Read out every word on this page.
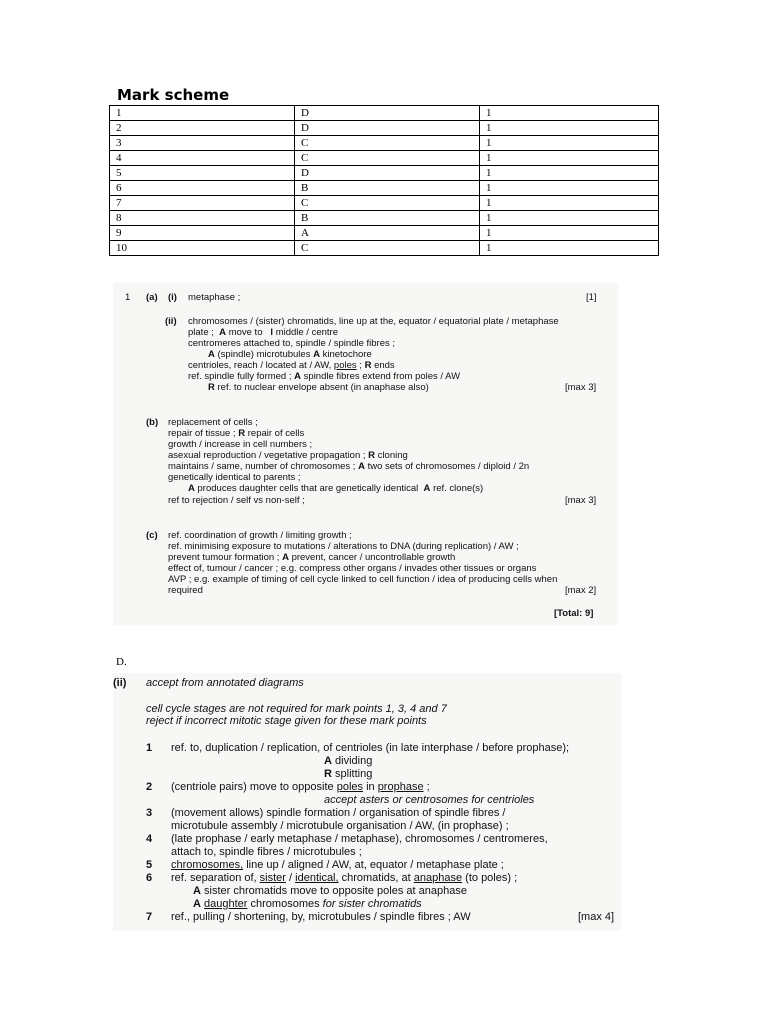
Mark scheme
1	D	1
2	D	1
3	C	1
4	C	1
5	D	1
6	B	1
7	C	1
8	B	1
9	A	1
10	C	1
1 (a) (i) metaphase ;	[1]
(ii) chromosomes / (sister) chromatids, line up at the, equator / equatorial plate / metaphase
plate ; A move to l middle / centre
centromeres attached to, spindle / spindle fibres ;
A (spindle) microtubules A kinetochore
centrioles, reach / located at / AW, poles ; R ends
ref. spindle fully formed ; A spindle fibres extend from poles / AW
R ref. to nuclear envelope absent (in anaphase also)	[max 3]
(b) replacement of cells ;
repair of tissue ; R repair of cells
growth / increase in cell numbers ;
asexual reproduction / vegetative propagation ; R cloning
maintains / same, number of chromosomes ; A two sets of chromosomes / diploid / 2n
genetically identical to parents ;
A produces daughter cells that are genetically identical A ref. clone(s)
ref to rejection / self vs non-self ;	[max 3]
(c) ref. coordination of growth / limiting growth ;
ref. minimising exposure to mutations / alterations to DNA (during replication) / AW ;
prevent tumour formation ; A prevent, cancer / uncontrollable growth
effect of, tumour / cancer ; e.g. compress other organs / invades other tissues or organs
AVP ; e.g. example of timing of cell cycle linked to cell function / idea of producing cells when
required	[max 2]
[Total: 9]
D.
(ii) accept from annotated diagrams
cell cycle stages are not required for mark points 1, 3, 4 and 7
reject if incorrect mitotic stage given for these mark points
1 ref. to, duplication / replication, of centrioles (in late interphase / before prophase);
A dividing
R splitting
2 (centriole pairs) move to opposite poles in prophase ;
accept asters or centrosomes for centrioles
3 (movement allows) spindle formation / organisation of spindle fibres /
microtubule assembly / microtubule organisation / AW, (in prophase) ;
4 (late prophase / early metaphase / metaphase), chromosomes / centromeres,
attach to, spindle fibres / microtubules ;
5 chromosomes, line up / aligned / AW, at, equator / metaphase plate ;
6 ref. separation of, sister / identical, chromatids, at anaphase (to poles) ;
A sister chromatids move to opposite poles at anaphase
A daughter chromosomes for sister chromatids
7 ref., pulling / shortening, by, microtubules / spindle fibres ; AW	[max 4]
